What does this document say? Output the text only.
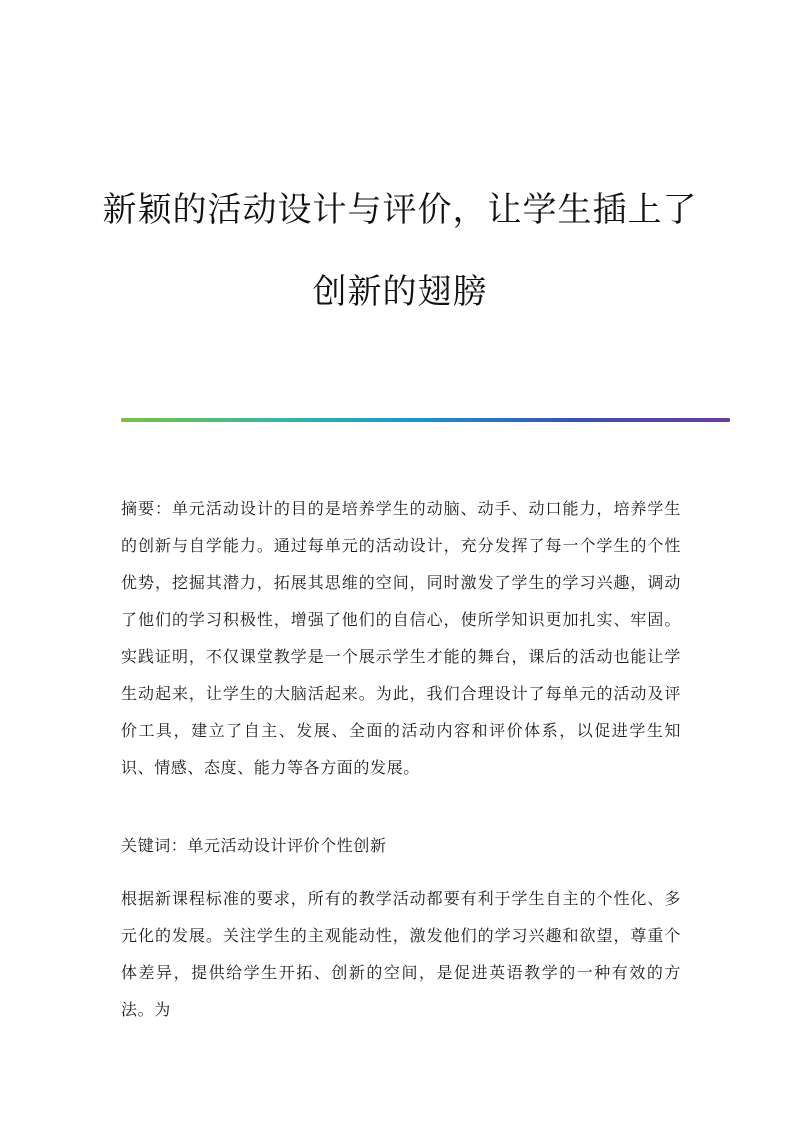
新颖的活动设计与评价，让学生插上了
创新的翅膀
摘要：单元活动设计的目的是培养学生的动脑、动手、动口能力，培养学生的创新与自学能力。通过每单元的活动设计，充分发挥了每一个学生的个性优势，挖掘其潜力，拓展其思维的空间，同时激发了学生的学习兴趣，调动了他们的学习积极性，增强了他们的自信心，使所学知识更加扎实、牢固。实践证明，不仅课堂教学是一个展示学生才能的舞台，课后的活动也能让学生动起来，让学生的大脑活起来。为此，我们合理设计了每单元的活动及评价工具，建立了自主、发展、全面的活动内容和评价体系，以促进学生知识、情感、态度、能力等各方面的发展。
关键词：单元活动设计评价个性创新
根据新课程标准的要求，所有的教学活动都要有利于学生自主的个性化、多元化的发展。关注学生的主观能动性，激发他们的学习兴趣和欲望，尊重个体差异，提供给学生开拓、创新的空间，是促进英语教学的一种有效的方法。为
